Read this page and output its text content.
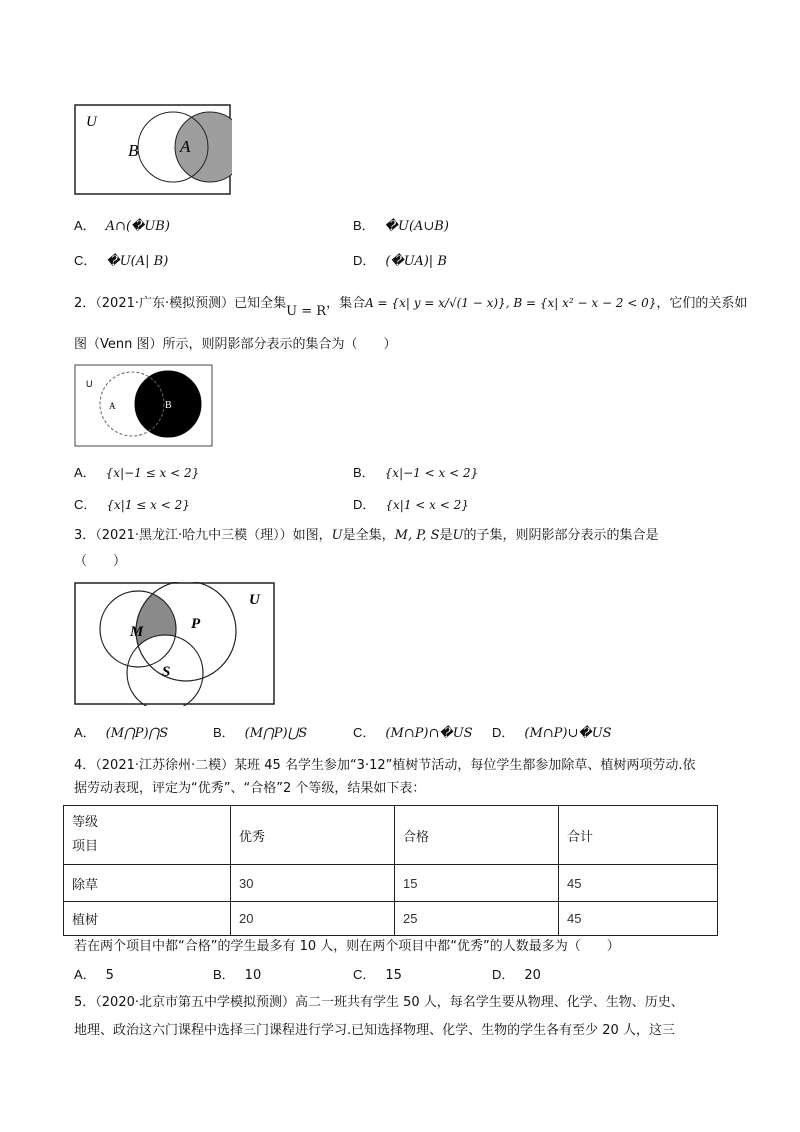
U
B A
A． A∩(�UB)	B． �U(A∪B)
C． �U(A| B)	D． (�UA)| B
2．（2021·广东·模拟预测）已知全集U = R，集合A = {x| y = x/√(1 − x)}, B = {x| x² − x − 2 < 0}，它们的关系如
图（Venn 图）所示，则阴影部分表示的集合为（　　）
U
A	B
A． {x|−1 ≤ x < 2}	B． {x|−1 < x < 2}
C． {x|1 ≤ x < 2}	D． {x|1 < x < 2}
3．（2021·黑龙江·哈九中三模（理））如图，U是全集，M, P, S是U的子集，则阴影部分表示的集合是
（　　）
U
M	P
S
A． (M⋂P)⋂S	B． (M⋂P)⋃S	C． (M∩P)∩�US D． (M∩P)∪�US
4．（2021·江苏徐州·二模）某班 45 名学生参加“3·12”植树节活动，每位学生都参加除草、植树两项劳动.依
据劳动表现，评定为“优秀”、“合格”2 个等级，结果如下表：
等级
项目	优秀	合格	合计
除草	30	15	45
植树	20	25	45
若在两个项目中都“合格”的学生最多有 10 人，则在两个项目中都“优秀”的人数最多为（　　）
A． 5	B． 10	C． 15	D． 20
5．（2020·北京市第五中学模拟预测）高二一班共有学生 50 人，每名学生要从物理、化学、生物、历史、
地理、政治这六门课程中选择三门课程进行学习.已知选择物理、化学、生物的学生各有至少 20 人，这三
